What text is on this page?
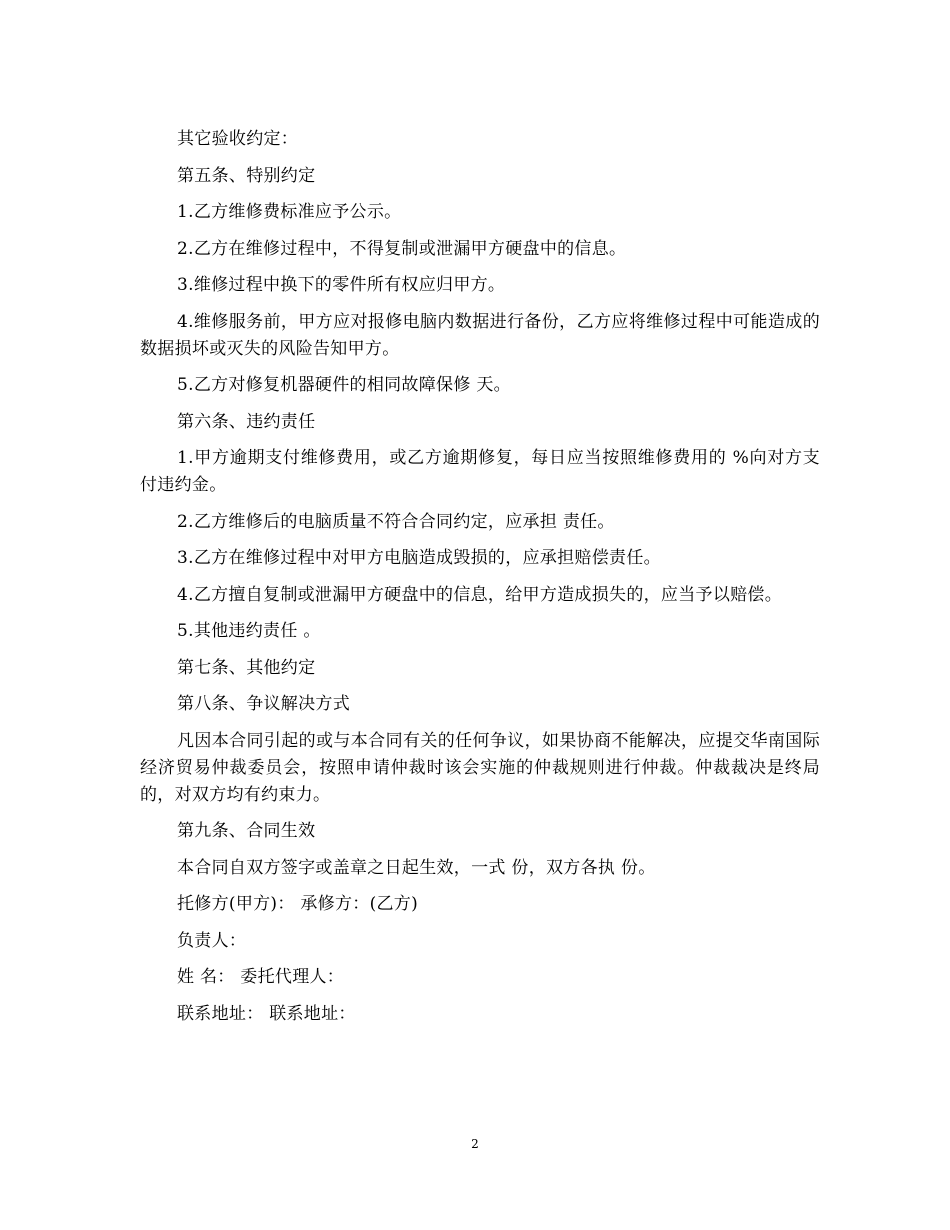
其它验收约定：

第五条、特别约定

1.乙方维修费标准应予公示。

2.乙方在维修过程中，不得复制或泄漏甲方硬盘中的信息。

3.维修过程中换下的零件所有权应归甲方。

4.维修服务前，甲方应对报修电脑内数据进行备份，乙方应将维修过程中可能造成的数据损坏或灭失的风险告知甲方。

5.乙方对修复机器硬件的相同故障保修 天。

第六条、违约责任

1.甲方逾期支付维修费用，或乙方逾期修复，每日应当按照维修费用的 %向对方支付违约金。

2.乙方维修后的电脑质量不符合合同约定，应承担 责任。

3.乙方在维修过程中对甲方电脑造成毁损的，应承担赔偿责任。

4.乙方擅自复制或泄漏甲方硬盘中的信息，给甲方造成损失的，应当予以赔偿。

5.其他违约责任 。

第七条、其他约定

第八条、争议解决方式

凡因本合同引起的或与本合同有关的任何争议，如果协商不能解决，应提交华南国际经济贸易仲裁委员会，按照申请仲裁时该会实施的仲裁规则进行仲裁。仲裁裁决是终局的，对双方均有约束力。

第九条、合同生效

本合同自双方签字或盖章之日起生效，一式 份，双方各执 份。

托修方(甲方)： 承修方：(乙方)

负责人：

姓 名： 委托代理人：

联系地址： 联系地址：

2
